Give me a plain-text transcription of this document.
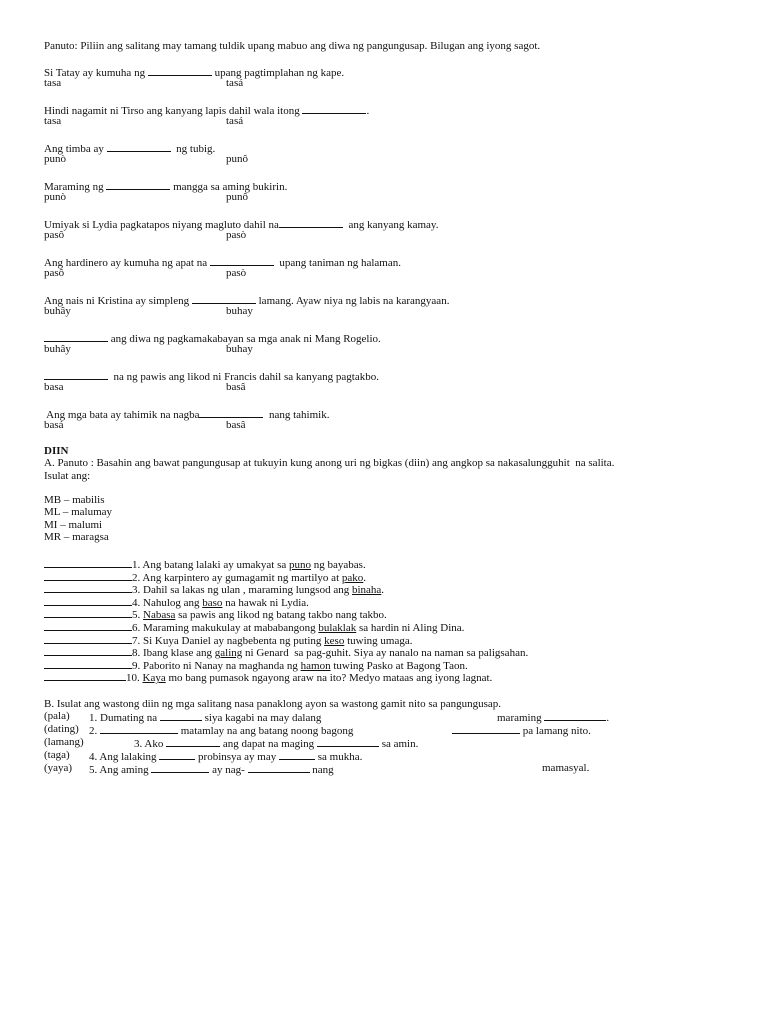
Panuto: Piliin ang salitang may tamang tuldik upang mabuo ang diwa ng pangungusap. Bilugan ang iyong sagot.
Si Tatay ay kumuha ng	upang pagtimplahan ng kape.
tasa	tasá
Hindi nagamit ni Tirso ang kanyang lapis dahil wala itong	.
tasa	tasá
Ang timba ay	ng tubig.
punò	punô
Maraming ng	mangga sa aming bukirin.
punò	punô
Umiyak si Lydia pagkatapos niyang magluto dahil na	ang kanyang kamay.
pasô	pasò
Ang hardinero ay kumuha ng apat na	upang taniman ng halaman.
pasô	pasò
Ang nais ni Kristina ay simpleng	lamang. Ayaw niya ng labis na karangyaan.
buhây	buhay
ang diwa ng pagkamakabayan sa mga anak ni Mang Rogelio.
buhây	buhay
na ng pawis ang likod ni Francis dahil sa kanyang pagtakbo.
basa	basâ
Ang mga bata ay tahimik na nagba	nang tahimik.
basá	basâ
DIIN
A. Panuto : Basahin ang bawat pangungusap at tukuyin kung anong uri ng bigkas (diin) ang angkop sa nakasalungguhit  na salita.
Isulat ang:
MB – mabilis
ML – malumay
MI – malumi
MR – maragsa
1. Ang batang lalaki ay umakyat sa puno ng bayabas.
2. Ang karpintero ay gumagamit ng martilyo at pako.
3. Dahil sa lakas ng ulan , maraming lungsod ang binaha.
4. Nahulog ang baso na hawak ni Lydia.
5. Nabasa sa pawis ang likod ng batang takbo nang takbo.
6. Maraming makukulay at mababangong bulaklak sa hardin ni Aling Dina.
7. Si Kuya Daniel ay nagbebenta ng puting keso tuwing umaga.
8. Ibang klase ang galing ni Genard  sa pag-guhit. Siya ay nanalo na naman sa paligsahan.
9. Paborito ni Nanay na maghanda ng hamon tuwing Pasko at Bagong Taon.
10. Kaya mo bang pumasok ngayong araw na ito? Medyo mataas ang iyong lagnat.
B. Isulat ang wastong diin ng mga salitang nasa panaklong ayon sa wastong gamit nito sa pangungusap.
(pala) 1. Dumating na	siya kagabi na may dalang	maraming	.
(dating) 2.	matamlay na ang batang noong bagong	pa lamang nito.
(lamang)	3. Ako	ang dapat na maging	sa amin.
(taga) 4. Ang lalaking	probinsya ay may	sa mukha.
(yaya) 5. Ang aming	ay nag-	nang	mamasyal.
